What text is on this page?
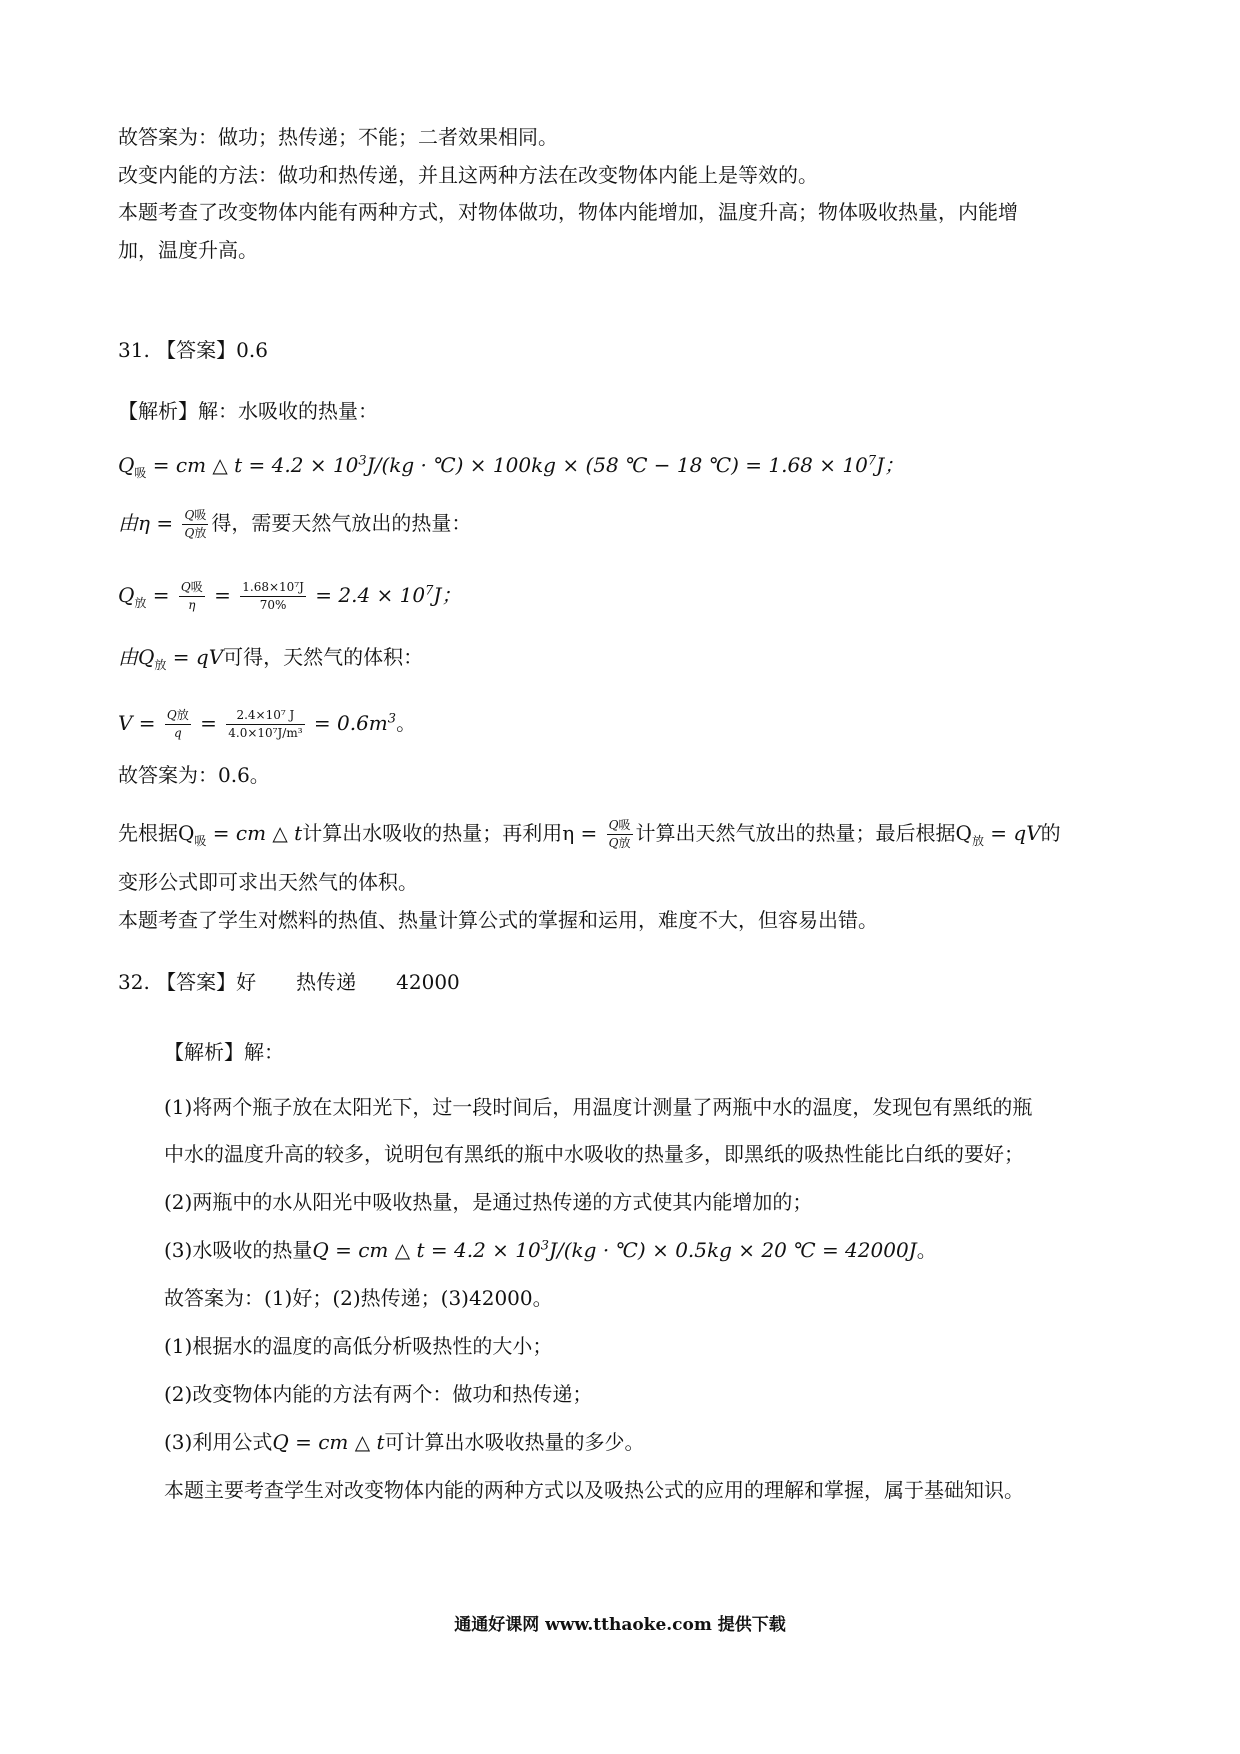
故答案为：做功；热传递；不能；二者效果相同。
改变内能的方法：做功和热传递，并且这两种方法在改变物体内能上是等效的。
本题考查了改变物体内能有两种方式，对物体做功，物体内能增加，温度升高；物体吸收热量，内能增
加，温度升高。
31. 【答案】0.6
【解析】解：水吸收的热量：
$Q_吸$ = cm △ $t = 4.2 \times 10^3J/(kg$ · ℃) × 100kg × (58 ℃ − 18 ℃) = $1.68 \times 10^7J$；
由$\eta = \frac{\text{Q吸}}{\text{Q放}}$ 得，需要天然气放出的热量：
$Q_放 = \frac{\text{Q吸}}{\eta} = \frac{\text{1.68×10⁷J}}{70\%} = 2.4 \times 10^7J$；
由$Q_放$ = qV可得，天然气的体积：
$V = \frac{\text{Q放}}{q} = \frac{\text{2.4×10⁷ J}}{\text{4.0×10⁷J/m³}} = 0.6m^3$。
故答案为：0.6。
先根据$Q_吸$ = cm △ t计算出水吸收的热量；再利用$\eta = \frac{\text{Q吸}}{\text{Q放}}$ 计算出天然气放出的热量；最后根据$Q_放$ = qV的
变形公式即可求出天然气的体积。
本题考查了学生对燃料的热值、热量计算公式的掌握和运用，难度不大，但容易出错。
32. 【答案】好　　热传递　　42000
【解析】解：
(1)将两个瓶子放在太阳光下，过一段时间后，用温度计测量了两瓶中水的温度，发现包有黑纸的瓶
中水的温度升高的较多，说明包有黑纸的瓶中水吸收的热量多，即黑纸的吸热性能比白纸的要好；
(2)两瓶中的水从阳光中吸收热量，是通过热传递的方式使其内能增加的；
(3)水吸收的热量Q = cm △ $t = 4.2 \times 10^3J/(kg$ · ℃) × 0.5kg × 20 ℃ = 42000J。
故答案为：(1)好；(2)热传递；(3)42000。
(1)根据水的温度的高低分析吸热性的大小；
(2)改变物体内能的方法有两个：做功和热传递；
(3)利用公式Q = cm △ t可计算出水吸收热量的多少。
本题主要考查学生对改变物体内能的两种方式以及吸热公式的应用的理解和掌握，属于基础知识。
通通好课网 www.tthaoke.com 提供下载
